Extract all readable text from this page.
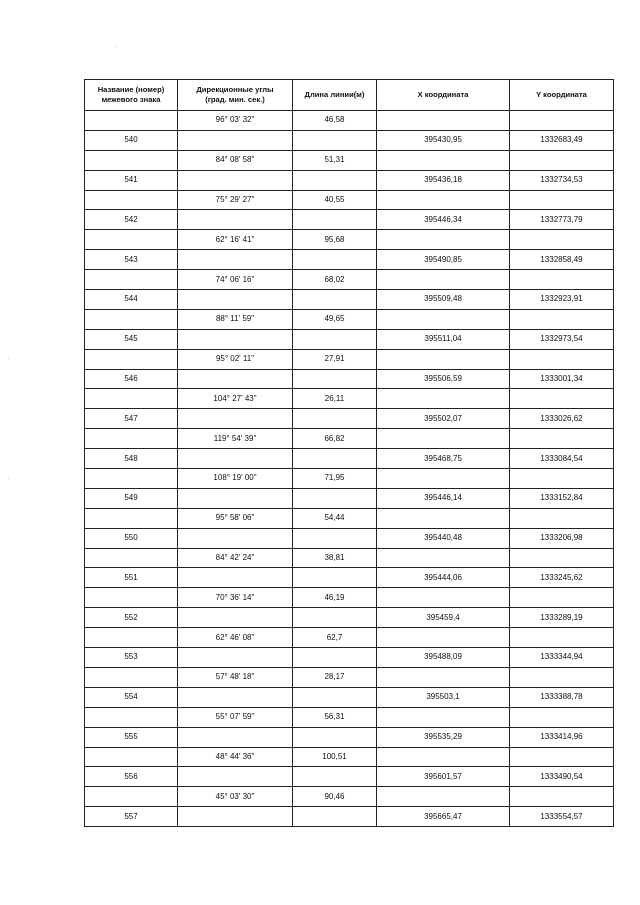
Название (номер)
межевого знака	Дирекционные углы
(град. мин. сек.)	Длина линии(м)	X координата	Y координата
	96° 03' 32"	46,58		
540			395430,95	1332683,49
	84° 08' 58"	51,31		
541			395436,18	1332734,53
	75° 29' 27"	40,55		
542			395446,34	1332773,79
	62° 16' 41"	95,68		
543			395490,85	1332858,49
	74° 06' 16"	68,02		
544			395509,48	1332923,91
	88° 11' 59"	49,65		
545			395511,04	1332973,54
	95° 02' 11"	27,91		
546			395506,59	1333001,34
	104° 27' 43"	26,11		
547			395502,07	1333026,62
	119° 54' 39"	66,82		
548			395468,75	1333084,54
	108° 19' 00"	71,95		
549			395446,14	1333152,84
	95° 58' 06"	54,44		
550			395440,48	1333206,98
	84° 42' 24"	38,81		
551			395444,06	1333245,62
	70° 36' 14"	46,19		
552			395459,4	1333289,19
	62° 46' 08"	62,7		
553			395488,09	1333344,94
	57° 48' 18"	28,17		
554			395503,1	1333388,78
	55° 07' 59"	56,31		
555			395535,29	1333414,96
	48° 44' 36"	100,51		
556			395601,57	1333490,54
	45° 03' 30"	90,46		
557			395665,47	1333554,57
·
·
·
